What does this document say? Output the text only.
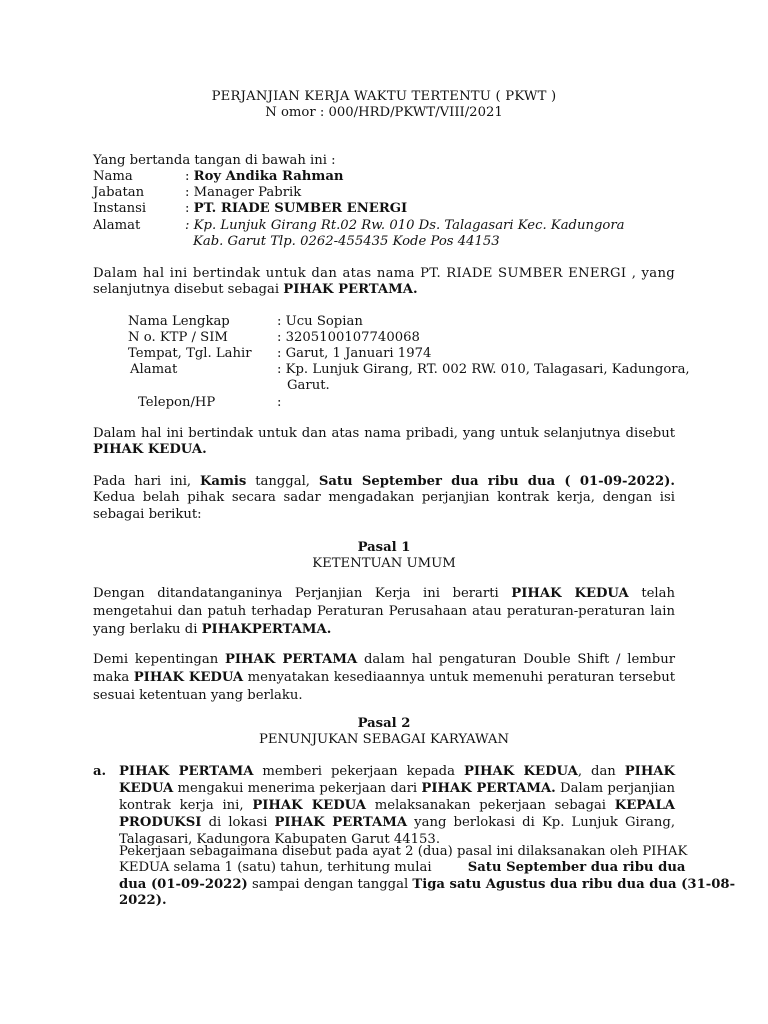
PERJANJIAN KERJA WAKTU TERTENTU ( PKWT )
N omor : 000/HRD/PKWT/VIII/2021
Yang bertanda tangan di bawah ini :
Nama	: Roy Andika Rahman
Jabatan	: Manager Pabrik
Instansi	: PT. RIADE SUMBER ENERGI
Alamat	: Kp. Lunjuk Girang Rt.02 Rw. 010 Ds. Talagasari Kec. Kadungora
Kab. Garut Tlp. 0262-455435 Kode Pos 44153
Dalam hal ini bertindak untuk dan atas nama PT. RIADE SUMBER ENERGI , yang
selanjutnya disebut sebagai PIHAK PERTAMA.
Nama Lengkap	: Ucu Sopian
N o. KTP / SIM	: 3205100107740068
Tempat, Tgl. Lahir : Garut, 1 Januari 1974
Alamat	: Kp. Lunjuk Girang, RT. 002 RW. 010, Talagasari, Kadungora,
Garut.
Telepon/HP	:
Dalam hal ini bertindak untuk dan atas nama pribadi, yang untuk selanjutnya disebut
PIHAK KEDUA.
Pada hari ini, Kamis tanggal, Satu September dua ribu dua ( 01-09-2022).
Kedua belah pihak secara sadar mengadakan perjanjian kontrak kerja, dengan isi sebagai berikut:
Pasal 1
KETENTUAN UMUM
Dengan ditandatanganinya Perjanjian Kerja ini berarti PIHAK KEDUA telah mengetahui dan patuh terhadap Peraturan Perusahaan atau peraturan-peraturan lain yang berlaku di PIHAKPERTAMA.
Demi kepentingan PIHAK PERTAMA dalam hal pengaturan Double Shift / lembur maka PIHAK KEDUA menyatakan kesediaannya untuk memenuhi peraturan tersebut sesuai ketentuan yang berlaku.
Pasal 2
PENUNJUKAN SEBAGAI KARYAWAN
a. PIHAK PERTAMA memberi pekerjaan kepada PIHAK KEDUA, dan PIHAK KEDUA mengakui menerima pekerjaan dari PIHAK PERTAMA. Dalam perjanjian kontrak kerja ini, PIHAK KEDUA melaksanakan pekerjaan sebagai KEPALA PRODUKSI di lokasi PIHAK PERTAMA yang berlokasi di Kp. Lunjuk Girang, Talagasari, Kadungora Kabupaten Garut 44153.
Pekerjaan sebagaimana disebut pada ayat 2 (dua) pasal ini dilaksanakan oleh PIHAK
KEDUA selama 1 (satu) tahun, terhitung mulai Satu September dua ribu dua
dua (01-09-2022) sampai dengan tanggal Tiga satu Agustus dua ribu dua dua (31-08-
2022).
